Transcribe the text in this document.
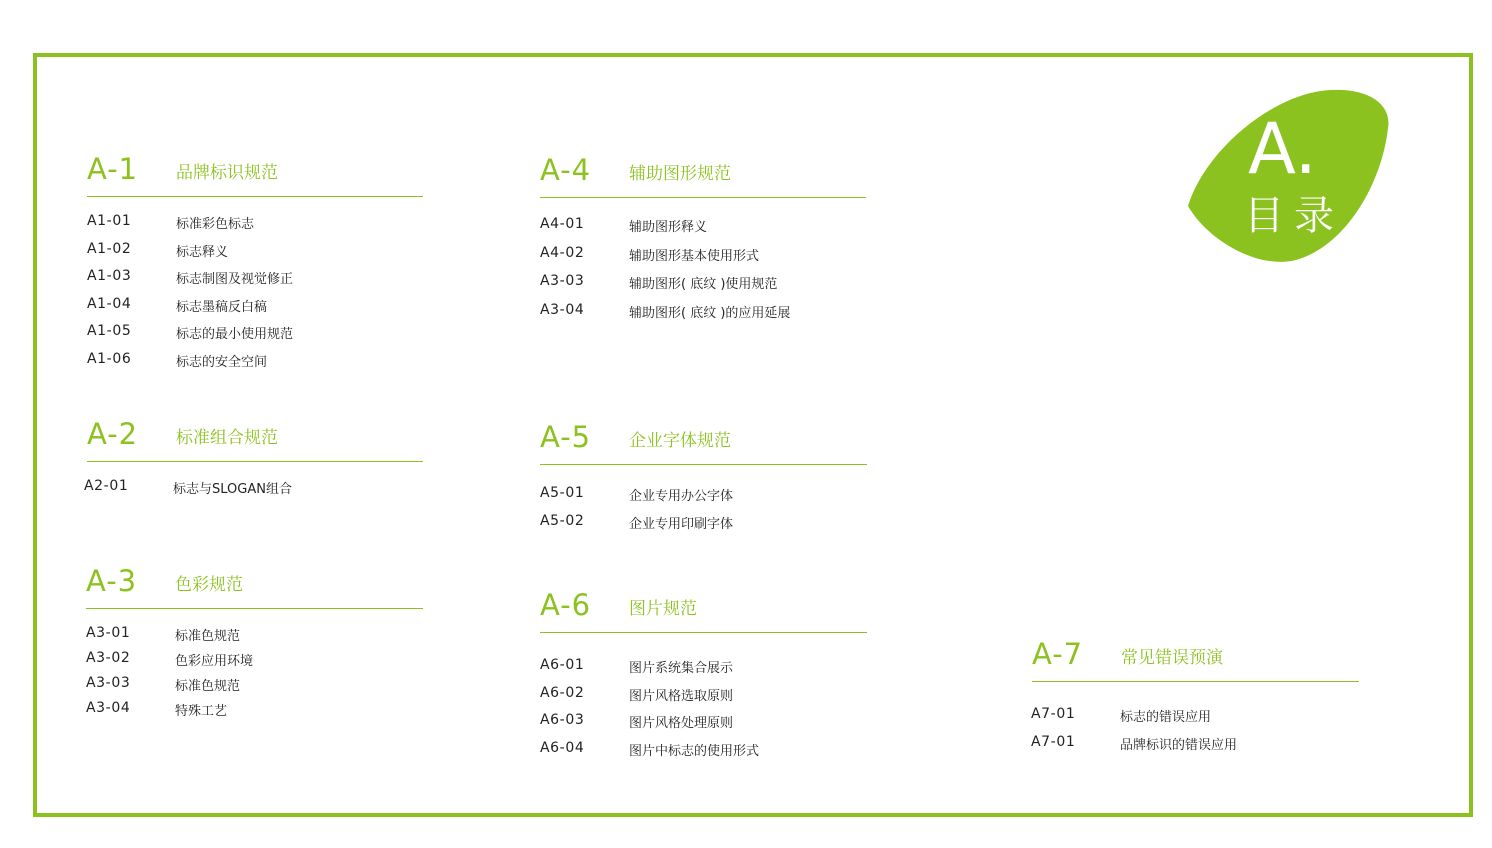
A.
目录
A-1 品牌标识规范
A1-01	标准彩色标志
A1-02	标志释义
A1-03	标志制图及视觉修正
A1-04	标志墨稿反白稿
A1-05	标志的最小使用规范
A1-06	标志的安全空间
A-2 标准组合规范
A2-01	标志与SLOGAN组合
A-3 色彩规范
A3-01	标准色规范
A3-02	色彩应用环境
A3-03	标准色规范
A3-04	特殊工艺
A-4 辅助图形规范
A4-01	辅助图形释义
A4-02	辅助图形基本使用形式
A3-03	辅助图形( 底纹 )使用规范
A3-04	辅助图形( 底纹 )的应用延展
A-5 企业字体规范
A5-01	企业专用办公字体
A5-02	企业专用印刷字体
A-6 图片规范
A6-01	图片系统集合展示
A6-02	图片风格选取原则
A6-03	图片风格处理原则
A6-04	图片中标志的使用形式
A-7 常见错误预演
A7-01	标志的错误应用
A7-01	品牌标识的错误应用
